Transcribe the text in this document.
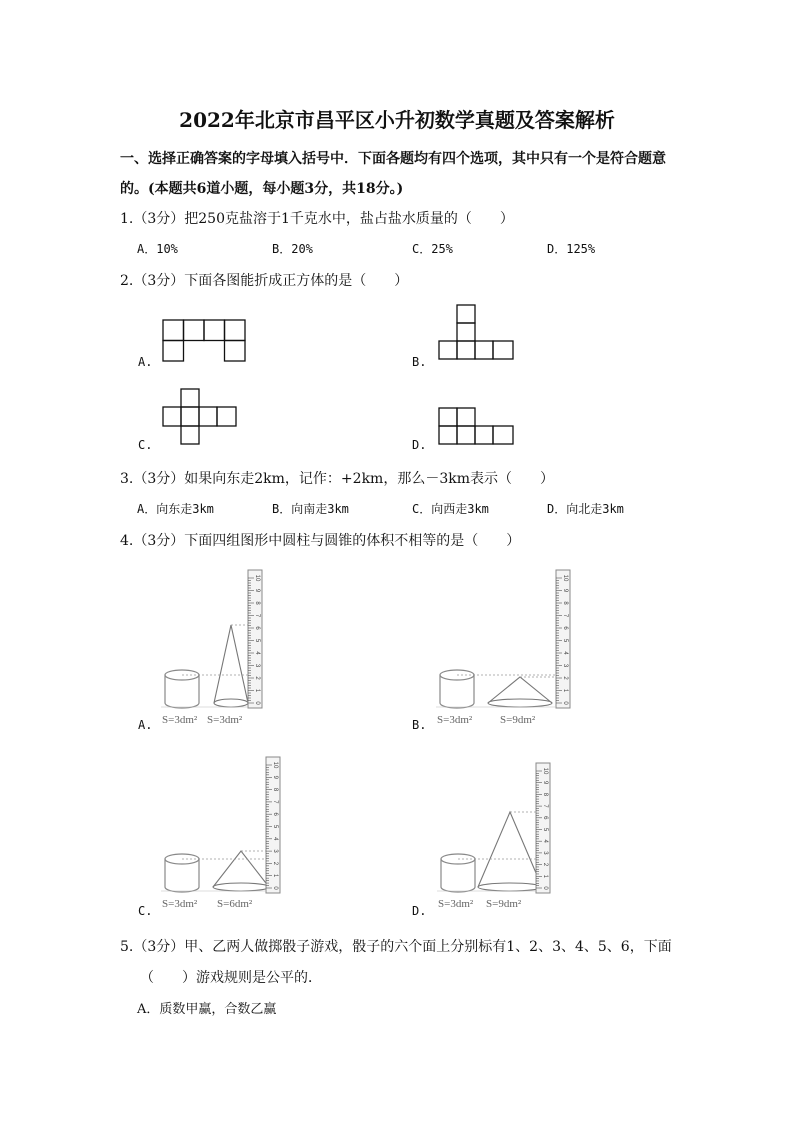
2022年北京市昌平区小升初数学真题及答案解析
一、选择正确答案的字母填入括号中．下面各题均有四个选项，其中只有一个是符合题意
的。(本题共6道小题，每小题3分，共18分。)
1.（3分）把250克盐溶于1千克水中，盐占盐水质量的（　　）
A．10%	B．20%	C．25%	D．125%
2.（3分）下面各图能折成正方体的是（　　）
A.	B.
C.	D.
3.（3分）如果向东走2km，记作：+2km，那么－3km表示（　　）
A．向东走3km	B．向南走3km	C．向西走3km	D．向北走3km
4.（3分）下面四组图形中圆柱与圆锥的体积不相等的是（　　）
0
1
2
3
4
5
6
7
8
9
10
S=3dm² S=3dm²
0
1
2
3
4
5
6
7
8
9
10
S=3dm²	S=9dm²
0
1
2
3
4
5
6
7
8
9
10
S=3dm² S=6dm²
0
1
2
3
4
5
6
7
8
9
10
S=3dm² S=9dm²
A.	B.
C.	D.
5.（3分）甲、乙两人做掷骰子游戏，骰子的六个面上分别标有1、2、3、4、5、6，下面
（　　）游戏规则是公平的．
A．质数甲赢，合数乙赢
